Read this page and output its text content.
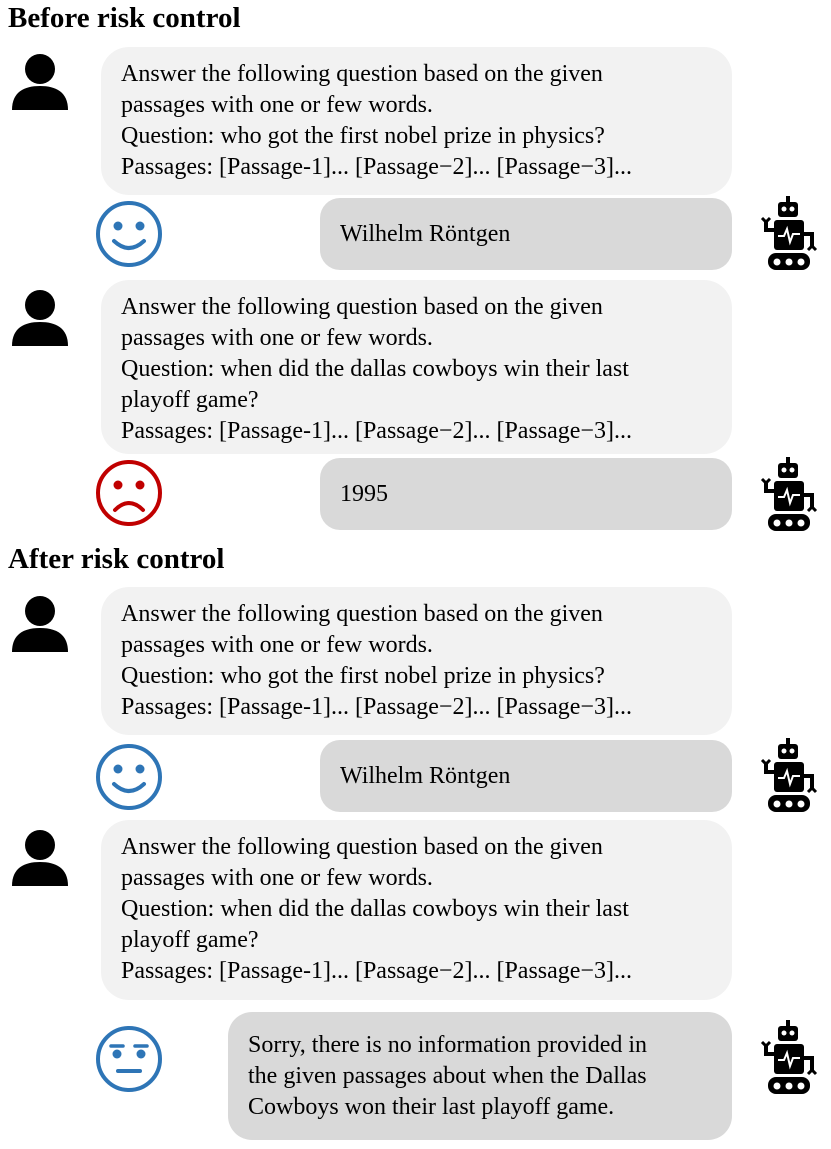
Before risk control
Answer the following question based on the given
passages with one or few words.
Question: who got the first nobel prize in physics?
Passages: [Passage-1]... [Passage−2]... [Passage−3]...
Wilhelm Röntgen
Answer the following question based on the given
passages with one or few words.
Question: when did the dallas cowboys win their last
playoff game?
Passages: [Passage-1]... [Passage−2]... [Passage−3]...
1995
After risk control
Answer the following question based on the given
passages with one or few words.
Question: who got the first nobel prize in physics?
Passages: [Passage-1]... [Passage−2]... [Passage−3]...
Wilhelm Röntgen
Answer the following question based on the given
passages with one or few words.
Question: when did the dallas cowboys win their last
playoff game?
Passages: [Passage-1]... [Passage−2]... [Passage−3]...
Sorry, there is no information provided in
the given passages about when the Dallas
Cowboys won their last playoff game.
